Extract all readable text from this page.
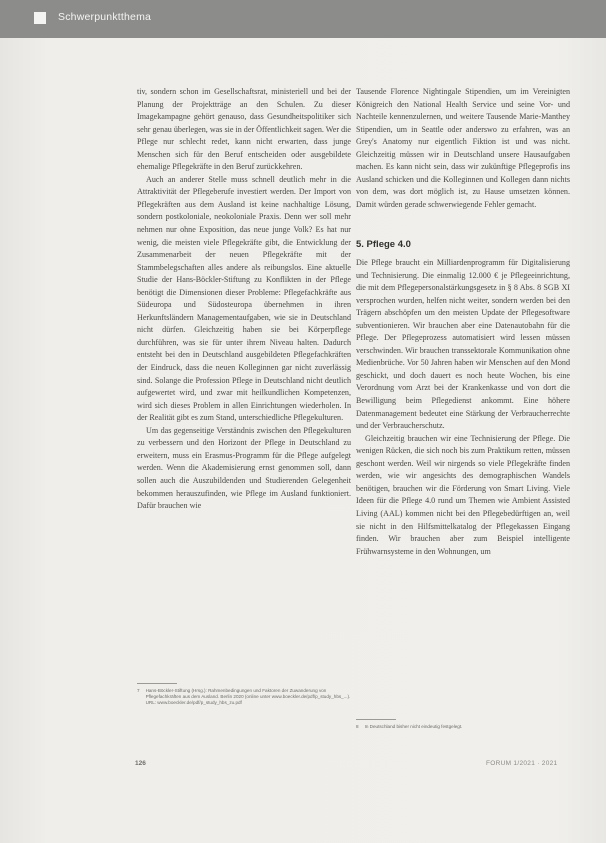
Schwerpunktthema

tiv, sondern schon im Gesellschaftsrat, ministeriell und bei der Planung der Projektträge an den Schulen. Zu dieser Imagekampagne gehört genauso, dass Gesundheitspolitiker sich sehr genau überlegen, was sie in der Öffentlichkeit sagen. Wer die Pflege nur schlecht redet, kann nicht erwarten, dass junge Menschen sich für den Beruf entscheiden oder ausgebildete ehemalige Pflegekräfte in den Beruf zurückkehren.

Auch an anderer Stelle muss schnell deutlich mehr in die Attraktivität der Pflegeberufe investiert werden. Der Import von Pflegekräften aus dem Ausland ist keine nachhaltige Lösung, sondern postkoloniale, neokoloniale Praxis. Denn wer soll mehr nehmen nur ohne Exposition, das neue junge Volk? Es hat nur wenig, die meisten viele Pflegekräfte gibt, die Entwicklung der Zusammenarbeit der neuen Pflegekräfte mit der Stammbelegschaften alles andere als reibungslos. Eine aktuelle Studie der Hans-Böckler-Stiftung zu Konflikten in der Pflege benötigt die Dimensionen dieser Probleme: Pflegefachkräfte aus Südeuropa und Südosteuropa übernehmen in ihren Herkunftsländern Managementaufgaben, wie sie in Deutschland nicht dürfen. Gleichzeitig haben sie bei Körperpflege durchführen, was sie für unter ihrem Niveau halten. Dadurch entsteht bei den in Deutschland ausgebildeten Pflegefachkräften der Eindruck, dass die neuen Kolleginnen gar nicht zuverlässig sind. Solange die Profession Pflege in Deutschland nicht deutlich aufgewertet wird, und zwar mit heilkundlichen Kompetenzen, wird sich dieses Problem in allen Einrichtungen wiederholen. In der Realität gibt es zum Stand, unterschiedliche Pflegekulturen.

Um das gegenseitige Verständnis zwischen den Pflegekulturen zu verbessern und den Horizont der Pflege in Deutschland zu erweitern, muss ein Erasmus-Programm für die Pflege aufgelegt werden. Wenn die Akademisierung ernst genommen soll, dann sollen auch die Auszubildenden und Studierenden Gelegenheit bekommen herauszufinden, wie Pflege im Ausland funktioniert. Dafür brauchen wie

Tausende Florence Nightingale Stipendien, um im Vereinigten Königreich den National Health Service und seine Vor- und Nachteile kennenzulernen, und weitere Tausende Marie-Manthey Stipendien, um in Seattle oder anderswo zu erfahren, was an Grey's Anatomy nur eigentlich Fiktion ist und was nicht. Gleichzeitig müssen wir in Deutschland unsere Hausaufgaben machen. Es kann nicht sein, dass wir zukünftige Pflegeprofis ins Ausland schicken und die Kolleginnen und Kollegen dann nichts von dem, was dort möglich ist, zu Hause umsetzen können. Damit würden gerade schwerwiegende Fehler gemacht.

5. Pflege 4.0

Die Pflege braucht ein Milliardenprogramm für Digitalisierung und Technisierung. Die einmalig 12.000 € je Pflegeeinrichtung, die mit dem Pflegepersonalstärkungsgesetz in § 8 Abs. 8 SGB XI versprochen wurden, helfen nicht weiter, sondern werden bei den Trägern abschöpfen um den meisten Update der Pflegesoftware subventionieren. Wir brauchen aber eine Datenautobahn für die Pflege. Der Pflegeprozess automatisiert wird lessen müssen verschwinden. Wir brauchen transsektorale Kommunikation ohne Medienbrüche. Vor 50 Jahren haben wir Menschen auf den Mond geschickt, und doch dauert es noch heute Wochen, bis eine Verordnung vom Arzt bei der Krankenkasse und von dort die Bewilligung beim Pflegedienst ankommt. Eine höhere Datenmanagement bedeutet eine Stärkung der Verbraucherrechte und der Verbraucherschutz.

Gleichzeitig brauchen wir eine Technisierung der Pflege. Die wenigen Rücken, die sich noch bis zum Praktikum retten, müssen geschont werden. Weil wir nirgends so viele Pflegekräfte finden werden, wie wir angesichts des demographischen Wandels benötigen, brauchen wir die Förderung von Smart Living. Viele Ideen für die Pflege 4.0 rund um Themen wie Ambient Assisted Living (AAL) kommen nicht bei den Pflegebedürftigen an, weil sie nicht in den Hilfsmittelkatalog der Pflegekassen Eingang finden. Wir brauchen aber zum Beispiel intelligente Frühwarnsysteme in den Wohnungen, um

7 Hans-Böckler-Stiftung (Hrsg.): Rahmenbedingungen und Faktoren der Zuwanderung von Pflegefachkräften aus dem Ausland. Berlin 2020 (online unter www.boeckler.de/pdf/p_study_hbs_...). URL: www.boeckler.de/pdf/p_study_hbs_zu.pdf
8 In Deutschland bisher nicht eindeutig festgelegt.
126	FORUM 1/2021 · 2021
